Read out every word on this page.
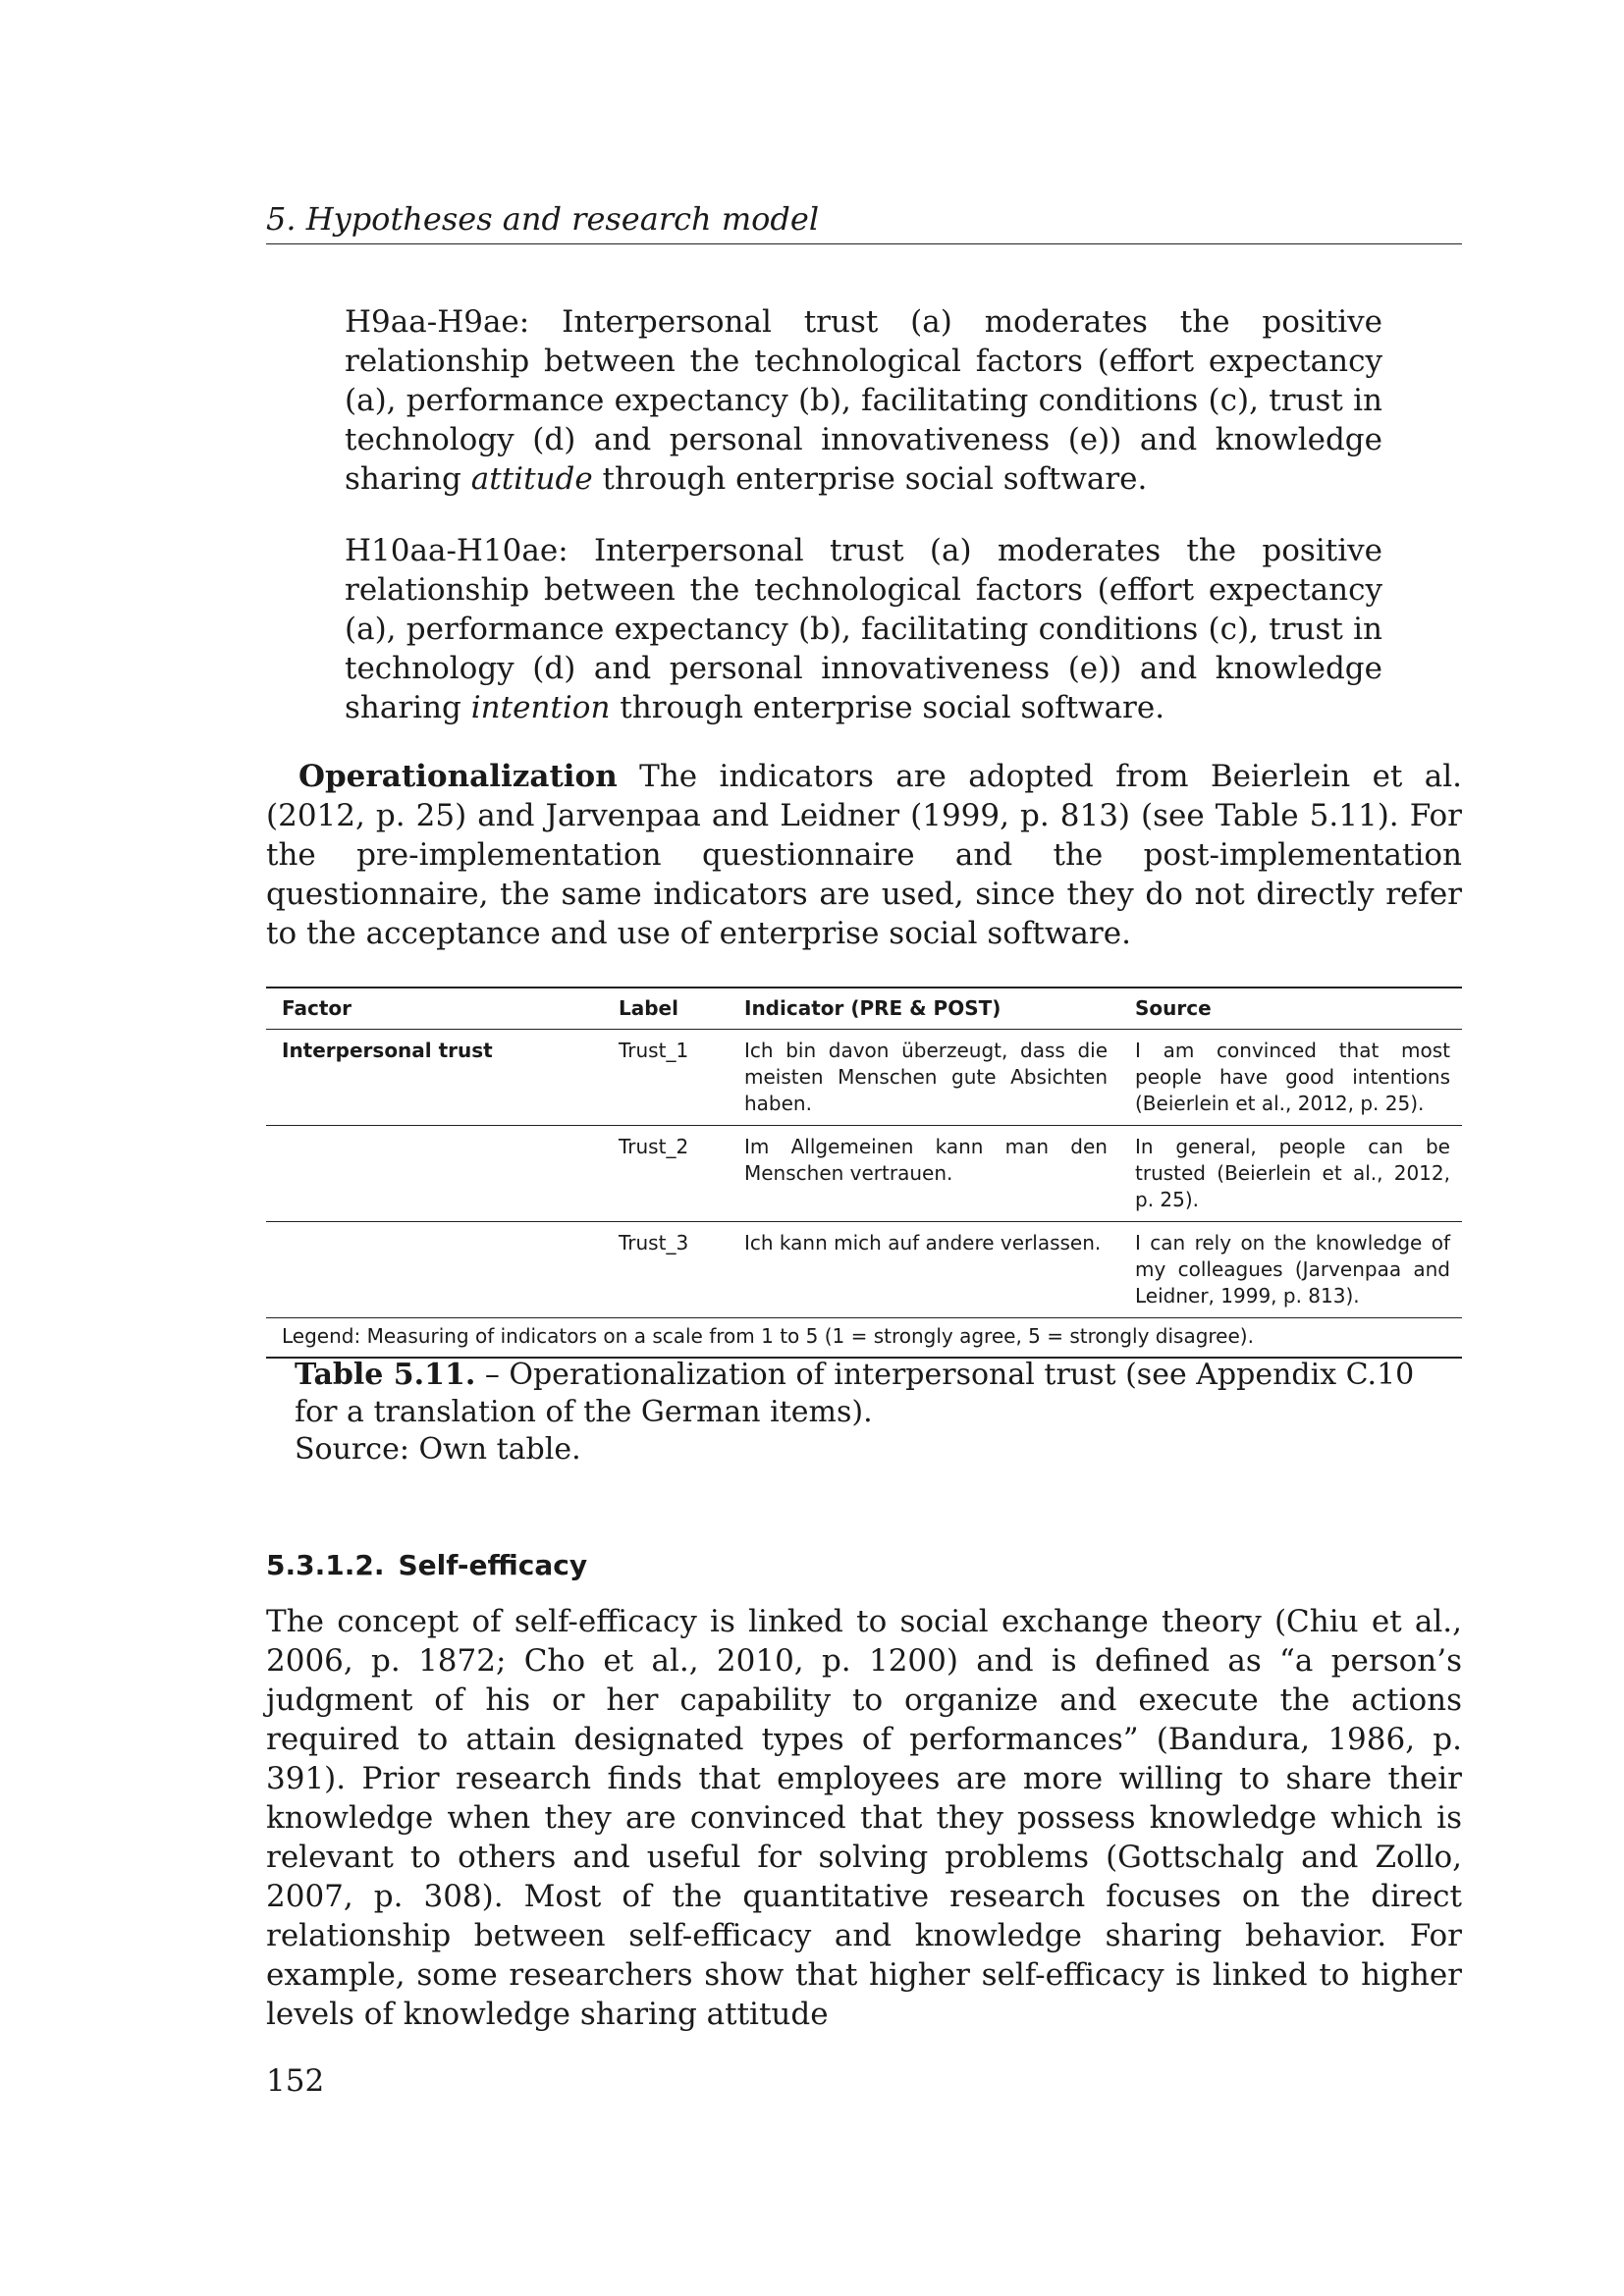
5. Hypotheses and research model
H9aa-H9ae: Interpersonal trust (a) moderates the positive relationship between the technological factors (effort expectancy (a), performance expectancy (b), facilitating conditions (c), trust in technology (d) and personal innovativeness (e)) and knowledge sharing attitude through enterprise social software.
H10aa-H10ae: Interpersonal trust (a) moderates the positive relationship between the technological factors (effort expectancy (a), performance expectancy (b), facilitating conditions (c), trust in technology (d) and personal innovativeness (e)) and knowledge sharing intention through enterprise social software.
Operationalization The indicators are adopted from Beierlein et al. (2012, p. 25) and Jarvenpaa and Leidner (1999, p. 813) (see Table 5.11). For the pre-implementation questionnaire and the post-implementation questionnaire, the same indicators are used, since they do not directly refer to the acceptance and use of enterprise social software.
Factor	Label	Indicator (PRE & POST)	Source
Interpersonal trust	Trust_1	Ich bin davon überzeugt, dass die meisten Menschen gute Absichten haben.	I am convinced that most people have good intentions (Beierlein et al., 2012, p. 25).
	Trust_2	Im Allgemeinen kann man den Menschen vertrauen.	In general, people can be trusted (Beierlein et al., 2012, p. 25).
	Trust_3	Ich kann mich auf andere verlassen.	I can rely on the knowledge of my colleagues (Jarvenpaa and Leidner, 1999, p. 813).
Legend: Measuring of indicators on a scale from 1 to 5 (1 = strongly agree, 5 = strongly disagree).			
Table 5.11. – Operationalization of interpersonal trust (see Appendix C.10 for a translation of the German items).
Source: Own table.
5.3.1.2. Self-efficacy
The concept of self-efficacy is linked to social exchange theory (Chiu et al., 2006, p. 1872; Cho et al., 2010, p. 1200) and is defined as “a person’s judgment of his or her capability to organize and execute the actions required to attain designated types of performances” (Bandura, 1986, p. 391). Prior research finds that employees are more willing to share their knowledge when they are convinced that they possess knowledge which is relevant to others and useful for solving problems (Gottschalg and Zollo, 2007, p. 308). Most of the quantitative research focuses on the direct relationship between self-efficacy and knowledge sharing behavior. For example, some researchers show that higher self-efficacy is linked to higher levels of knowledge sharing attitude
152
